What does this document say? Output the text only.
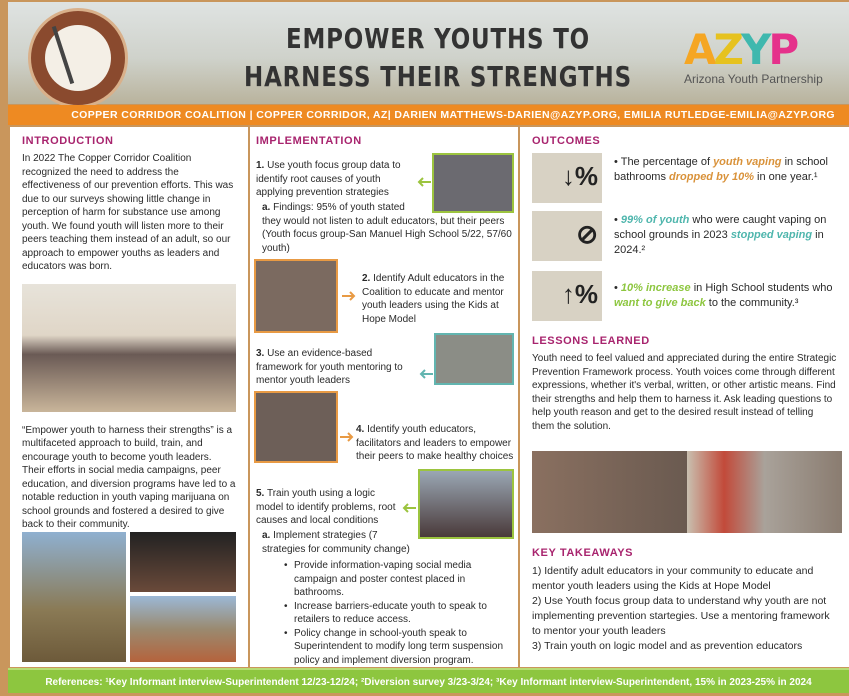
EMPOWER YOUTHS TO
HARNESS THEIR STRENGTHS
AZYP
Arizona Youth Partnership
COPPER CORRIDOR COALITION | COPPER CORRIDOR, AZ| DARIEN MATTHEWS-DARIEN@AZYP.ORG, EMILIA RUTLEDGE-EMILIA@AZYP.ORG
INTRODUCTION

In 2022 The Copper Corridor Coalition recognized the need to address the effectiveness of our prevention efforts. This was due to our surveys showing little change in perception of harm for substance use among youth. We found youth will listen more to their peers teaching them instead of an adult, so our approach to empower youths as leaders and educators was born.

“Empower youth to harness their strengths” is a multifaceted approach to build, train, and encourage youth to become youth leaders. Their efforts in social media campaigns, peer education, and diversion programs have led to a notable reduction in youth vaping marijuana on school grounds and fostered a desired to give back to their community.

IMPLEMENTATION
1. Use youth focus group data to identify root causes of youth applying prevention strategies
a. Findings: 95% of youth stated they would not listen to adult educators, but their peers (Youth focus group-San Manuel High School 5/22, 57/60 youth)
2. Identify Adult educators in the Coalition to educate and mentor youth leaders using the Kids at Hope Model
3. Use an evidence-based framework for youth mentoring to mentor youth leaders
4. Identify youth educators, facilitators and leaders to empower their peers to make healthy choices
5. Train youth using a logic model to identify problems, root causes and local conditions
a. Implement strategies (7 strategies for community change)
• Provide information-vaping social media campaign and poster contest placed in bathrooms.
• Increase barriers-educate youth to speak to retailers to reduce access.
• Policy change in school-youth speak to Superintendent to modify long term suspension policy and implement diversion program.
OUTCOMES
↓% • The percentage of youth vaping in school bathrooms dropped by 10% in one year.¹
⊘ • 99% of youth who were caught vaping on school grounds in 2023 stopped vaping in 2024.²
↑% • 10% increase in High School students who want to give back to the community.³
LESSONS LEARNED

Youth need to feel valued and appreciated during the entire Strategic Prevention Framework process. Youth voices come through different expressions, whether it's verbal, written, or other artistic means. Find their strengths and help them to harness it. Ask leading questions to help youth reason and get to the desired result instead of telling them the solution.

KEY TAKEAWAYS

1) Identify adult educators in your community to educate and mentor youth leaders using the Kids at Hope Model

2) Use Youth focus group data to understand why youth are not implementing prevention startegies. Use a mentoring framework to mentor your youth leaders

3) Train youth on logic model and as prevention educators

References: ¹Key Informant interview-Superintendent 12/23-12/24; ²Diversion survey 3/23-3/24; ³Key Informant interview-Superintendent, 15% in 2023-25% in 2024
